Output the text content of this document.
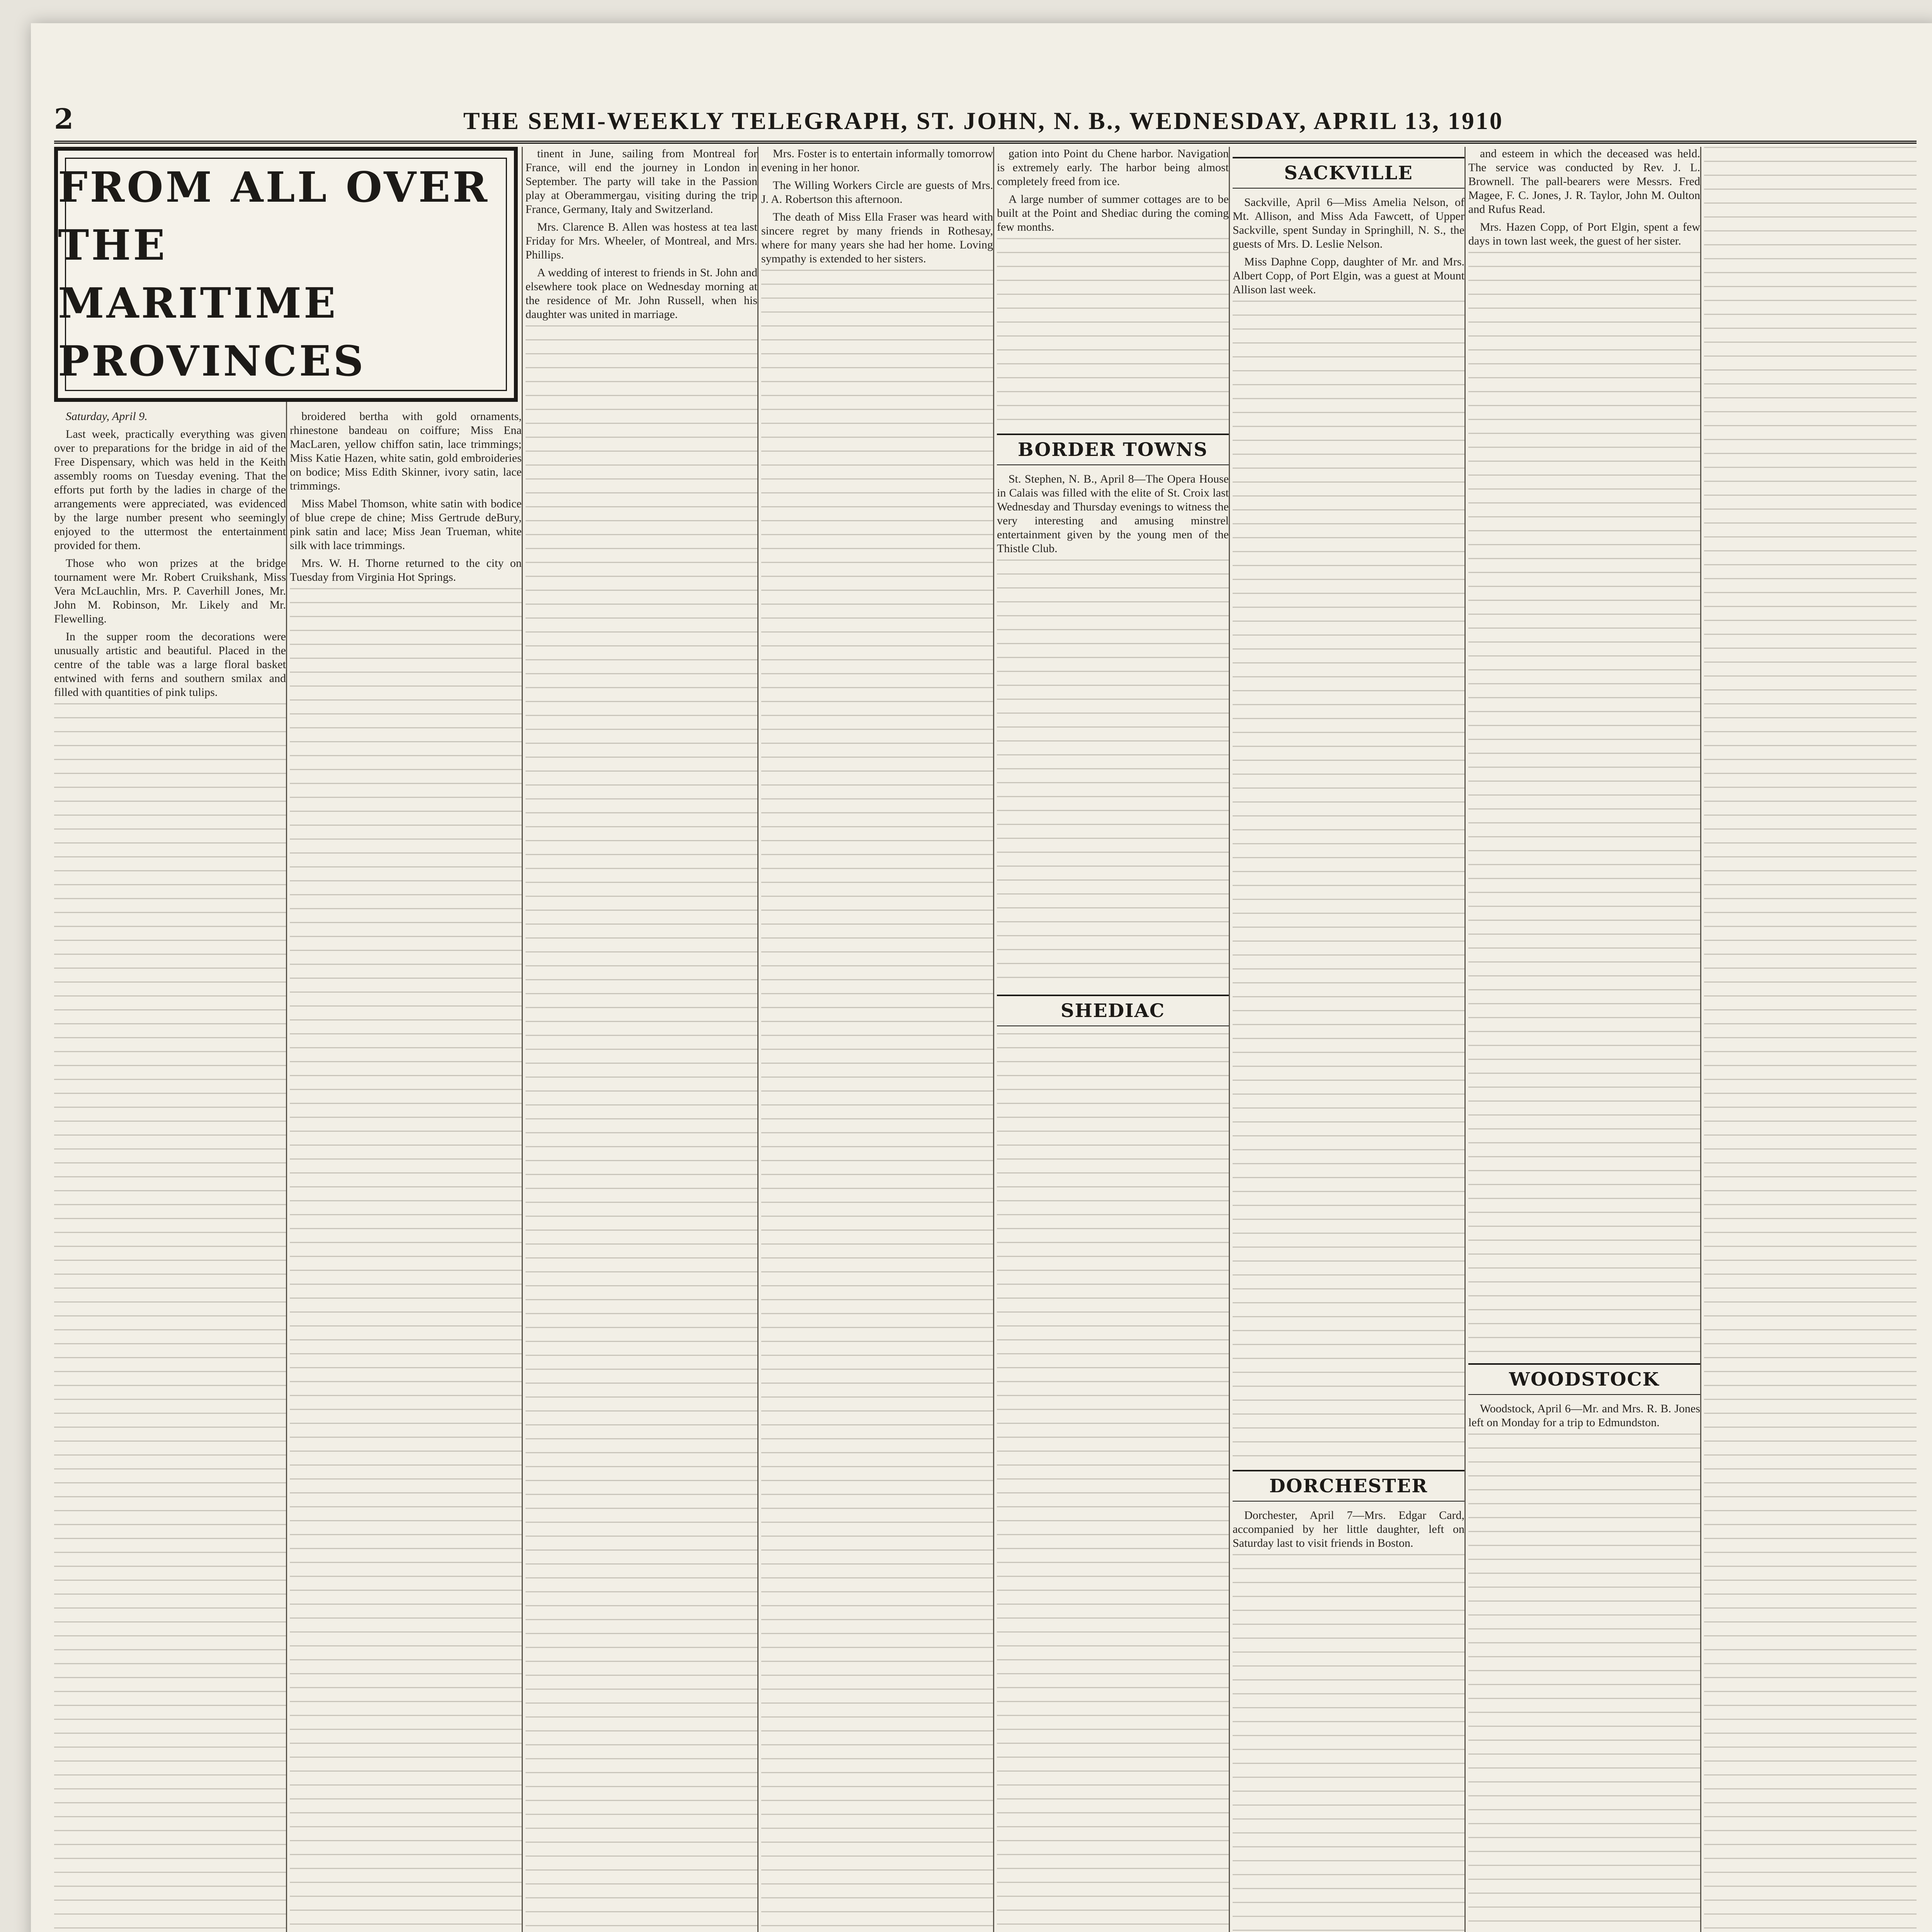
2	THE SEMI-WEEKLY TELEGRAPH, ST. JOHN, N. B., WEDNESDAY, APRIL 13, 1910

Saturday, April 9.

Last week, practically everything was given over to preparations for the bridge in aid of the Free Dispensary, which was held in the Keith assembly rooms on Tuesday evening. That the efforts put forth by the ladies in charge of the arrangements were appreciated, was evidenced by the large number present who seemingly enjoyed to the uttermost the entertainment provided for them.

Those who won prizes at the bridge tournament were Mr. Robert Cruikshank, Miss Vera McLauchlin, Mrs. P. Caverhill Jones, Mr. John M. Robinson, Mr. Likely and Mr. Flewelling.

In the supper room the decorations were unusually artistic and beautiful. Placed in the centre of the table was a large floral basket entwined with ferns and southern smilax and filled with quantities of pink tulips.

broidered bertha with gold ornaments, rhinestone bandeau on coiffure; Miss Ena MacLaren, yellow chiffon satin, lace trimmings; Miss Katie Hazen, white satin, gold embroideries on bodice; Miss Edith Skinner, ivory satin, lace trimmings.

Miss Mabel Thomson, white satin with bodice of blue crepe de chine; Miss Gertrude deBury, pink satin and lace; Miss Jean Trueman, white silk with lace trimmings.

Mrs. W. H. Thorne returned to the city on Tuesday from Virginia Hot Springs.

FROM ALL OVER THE
MARITIME PROVINCES

tinent in June, sailing from Montreal for France, will end the journey in London in September. The party will take in the Passion play at Oberammergau, visiting during the trip France, Germany, Italy and Switzerland.

Mrs. Clarence B. Allen was hostess at tea last Friday for Mrs. Wheeler, of Montreal, and Mrs. Phillips.

A wedding of interest to friends in St. John and elsewhere took place on Wednesday morning at the residence of Mr. John Russell, when his daughter was united in marriage.

Mrs. Foster is to entertain informally tomorrow evening in her honor.

The Willing Workers Circle are guests of Mrs. J. A. Robertson this afternoon.

The death of Miss Ella Fraser was heard with sincere regret by many friends in Rothesay, where for many years she had her home. Loving sympathy is extended to her sisters.

gation into Point du Chene harbor. Navigation is extremely early. The harbor being almost completely freed from ice.

A large number of summer cottages are to be built at the Point and Shediac during the coming few months.

BORDER TOWNS

St. Stephen, N. B., April 8—The Opera House in Calais was filled with the elite of St. Croix last Wednesday and Thursday evenings to witness the very interesting and amusing minstrel entertainment given by the young men of the Thistle Club.

SHEDIAC
SACKVILLE

Sackville, April 6—Miss Amelia Nelson, of Mt. Allison, and Miss Ada Fawcett, of Upper Sackville, spent Sunday in Springhill, N. S., the guests of Mrs. D. Leslie Nelson.

Miss Daphne Copp, daughter of Mr. and Mrs. Albert Copp, of Port Elgin, was a guest at Mount Allison last week.

DORCHESTER

Dorchester, April 7—Mrs. Edgar Card, accompanied by her little daughter, left on Saturday last to visit friends in Boston.

and esteem in which the deceased was held. The service was conducted by Rev. J. L. Brownell. The pall-bearers were Messrs. Fred Magee, F. C. Jones, J. R. Taylor, John M. Oulton and Rufus Read.

Mrs. Hazen Copp, of Port Elgin, spent a few days in town last week, the guest of her sister.

WOODSTOCK

Woodstock, April 6—Mr. and Mrs. R. B. Jones left on Monday for a trip to Edmundston.
